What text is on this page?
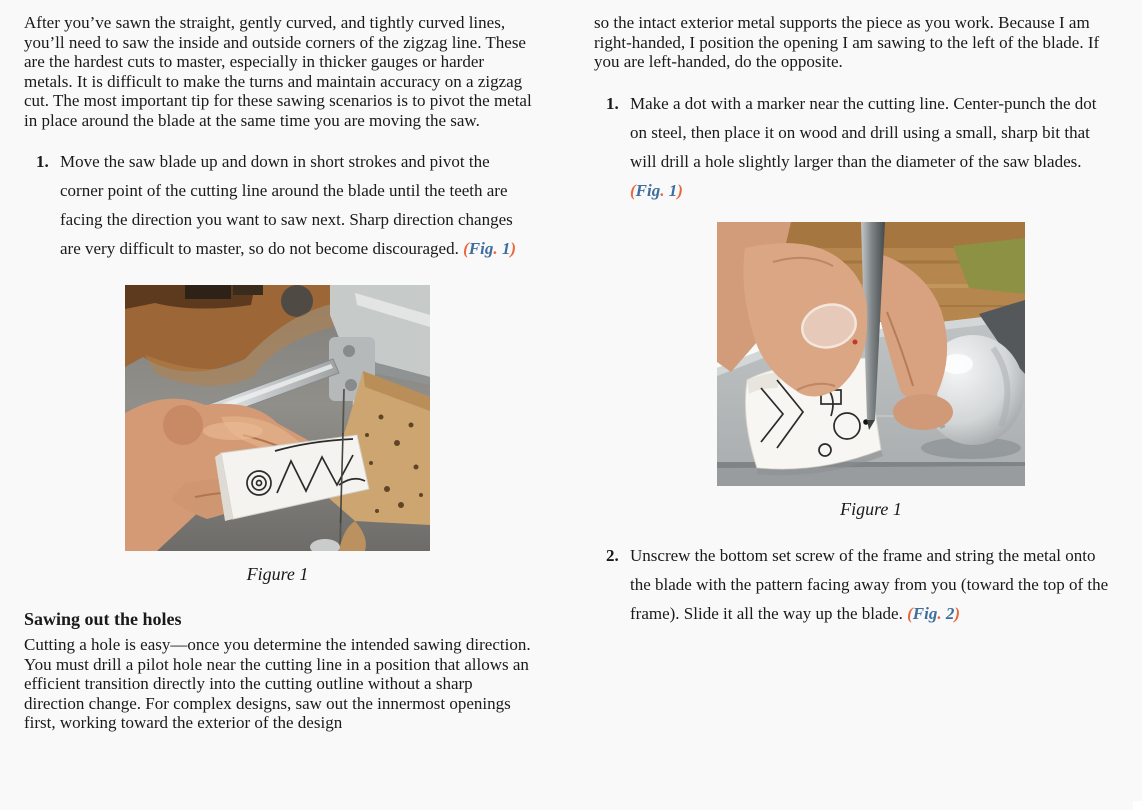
After you’ve sawn the straight, gently curved, and tightly curved lines, you’ll need to saw the inside and outside corners of the zigzag line. These are the hardest cuts to master, especially in thicker gauges or harder metals. It is difficult to make the turns and maintain accuracy on a zigzag cut. The most important tip for these sawing scenarios is to pivot the metal in place around the blade at the same time you are moving the saw.

1. Move the saw blade up and down in short strokes and pivot the corner point of the cutting line around the blade until the teeth are facing the direction you want to saw next. Sharp direction changes are very difficult to master, so do not become discouraged. (Fig. 1)
Figure 1
Sawing out the holes

Cutting a hole is easy—once you determine the intended sawing direction. You must drill a pilot hole near the cutting line in a position that allows an efficient transition directly into the cutting outline without a sharp direction change. For complex designs, saw out the innermost openings first, working toward the exterior of the design

so the intact exterior metal supports the piece as you work. Because I am right-handed, I position the opening I am sawing to the left of the blade. If you are left-handed, do the opposite.

1. Make a dot with a marker near the cutting line. Center-punch the dot on steel, then place it on wood and drill using a small, sharp bit that will drill a hole slightly larger than the diameter of the saw blades. (Fig. 1)
Figure 1
2. Unscrew the bottom set screw of the frame and string the metal onto the blade with the pattern facing away from you (toward the top of the frame). Slide it all the way up the blade. (Fig. 2)
